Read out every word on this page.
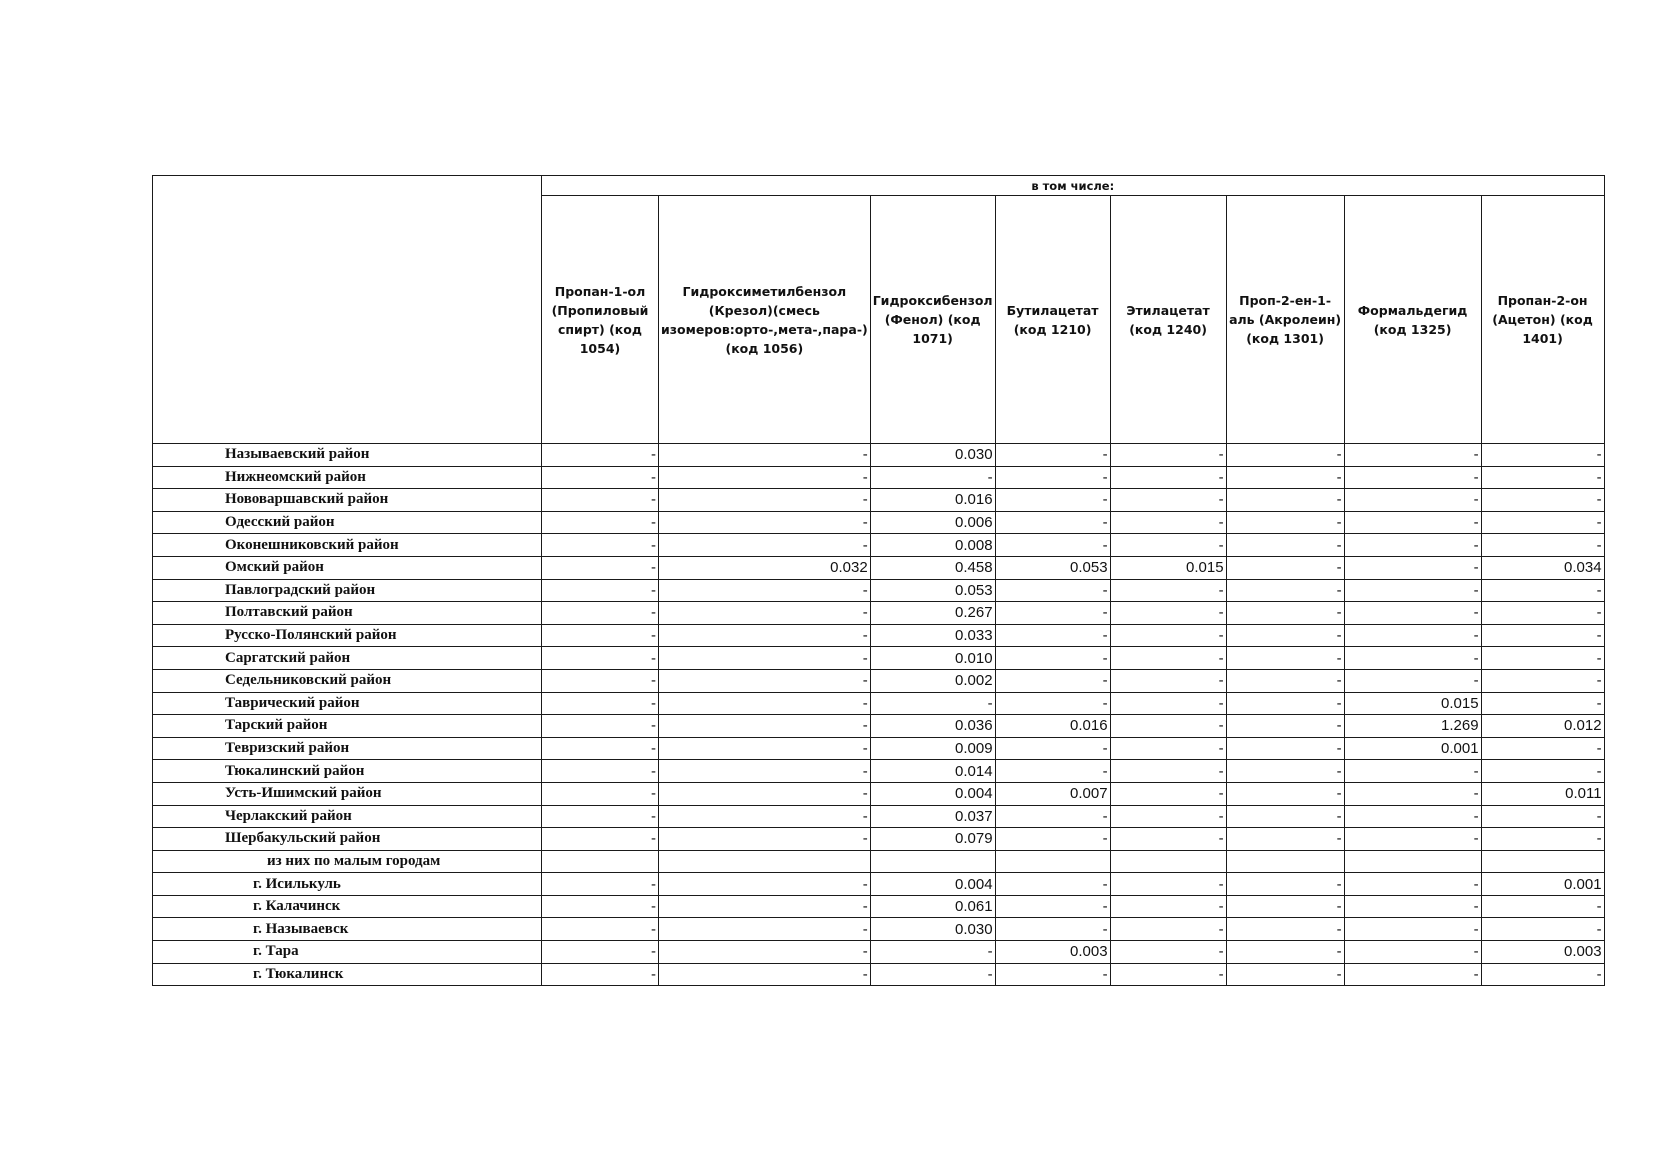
	в том числе:							
	Пропан-1-ол (Пропиловый спирт) (код 1054)	Гидроксиметилбензол (Крезол)(смесь изомеров:орто-,мета-,пара-) (код 1056)	Гидроксибензол (Фенол) (код 1071)	Бутилацетат (код 1210)	Этилацетат (код 1240)	Проп-2-ен-1-аль (Акролеин) (код 1301)	Формальдегид (код 1325)	Пропан-2-он (Ацетон) (код 1401)
Называевский район	-	-	0.030	-	-	-	-	-
Нижнеомский район	-	-	-	-	-	-	-	-
Нововаршавский район	-	-	0.016	-	-	-	-	-
Одесский район	-	-	0.006	-	-	-	-	-
Оконешниковский район	-	-	0.008	-	-	-	-	-
Омский район	-	0.032	0.458	0.053	0.015	-	-	0.034
Павлоградский район	-	-	0.053	-	-	-	-	-
Полтавский район	-	-	0.267	-	-	-	-	-
Русско-Полянский район	-	-	0.033	-	-	-	-	-
Саргатский район	-	-	0.010	-	-	-	-	-
Седельниковский район	-	-	0.002	-	-	-	-	-
Таврический район	-	-	-	-	-	-	0.015	-
Тарский район	-	-	0.036	0.016	-	-	1.269	0.012
Тевризский район	-	-	0.009	-	-	-	0.001	-
Тюкалинский район	-	-	0.014	-	-	-	-	-
Усть-Ишимский район	-	-	0.004	0.007	-	-	-	0.011
Черлакский район	-	-	0.037	-	-	-	-	-
Шербакульский район	-	-	0.079	-	-	-	-	-
из них по малым городам								
г. Исилькуль	-	-	0.004	-	-	-	-	0.001
г. Калачинск	-	-	0.061	-	-	-	-	-
г. Называевск	-	-	0.030	-	-	-	-	-
г. Тара	-	-	-	0.003	-	-	-	0.003
г. Тюкалинск	-	-	-	-	-	-	-	-
